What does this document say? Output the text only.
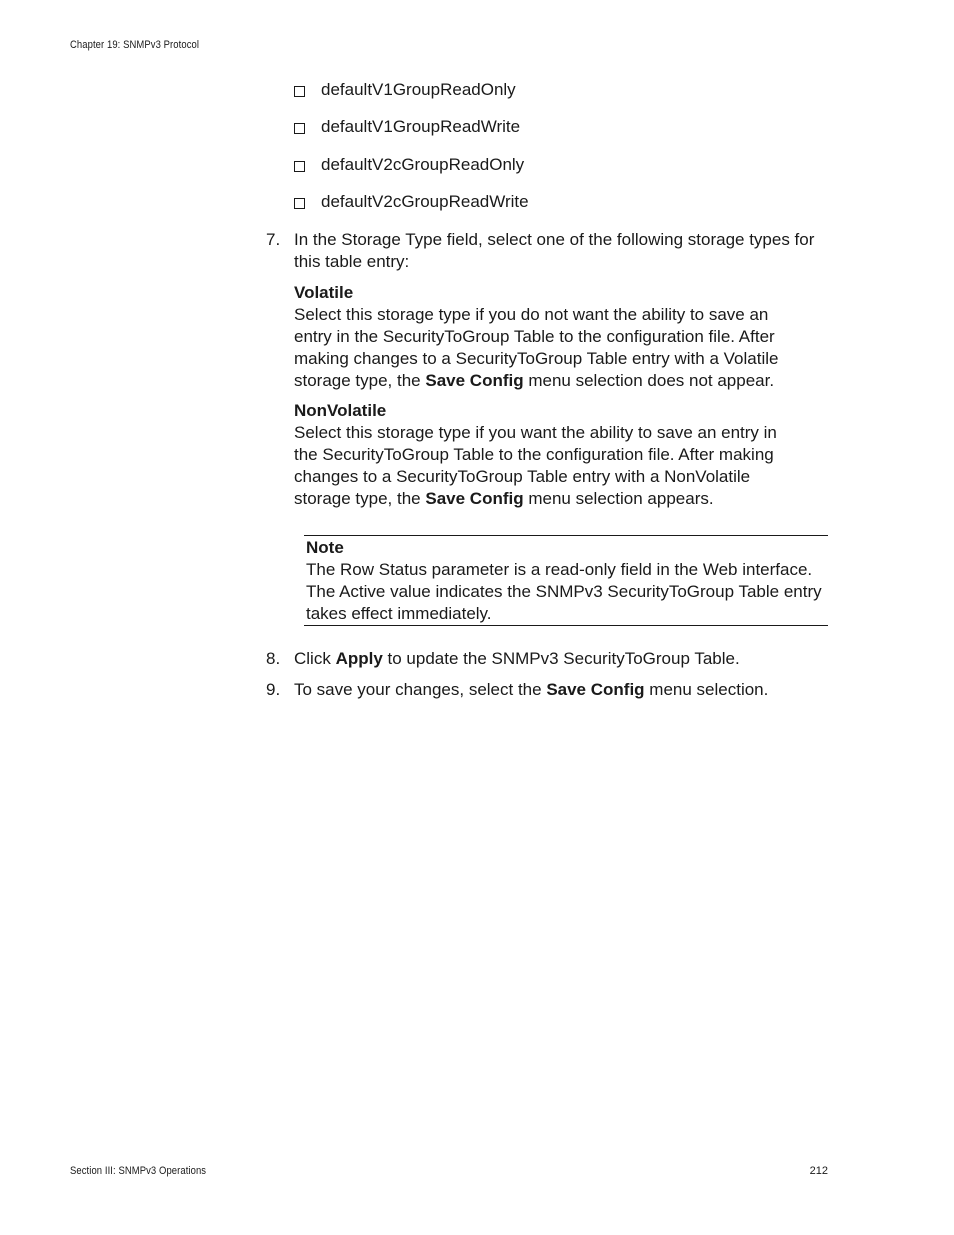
Chapter 19: SNMPv3 Protocol
defaultV1GroupReadOnly
defaultV1GroupReadWrite
defaultV2cGroupReadOnly
defaultV2cGroupReadWrite
7. In the Storage Type field, select one of the following storage types for this table entry:
Volatile
Select this storage type if you do not want the ability to save an entry in the SecurityToGroup Table to the configuration file. After making changes to a SecurityToGroup Table entry with a Volatile storage type, the Save Config menu selection does not appear.
NonVolatile
Select this storage type if you want the ability to save an entry in the SecurityToGroup Table to the configuration file. After making changes to a SecurityToGroup Table entry with a NonVolatile storage type, the Save Config menu selection appears.
Note
The Row Status parameter is a read-only field in the Web interface. The Active value indicates the SNMPv3 SecurityToGroup Table entry takes effect immediately.
8. Click Apply to update the SNMPv3 SecurityToGroup Table.
9. To save your changes, select the Save Config menu selection.
Section III: SNMPv3 Operations	212
